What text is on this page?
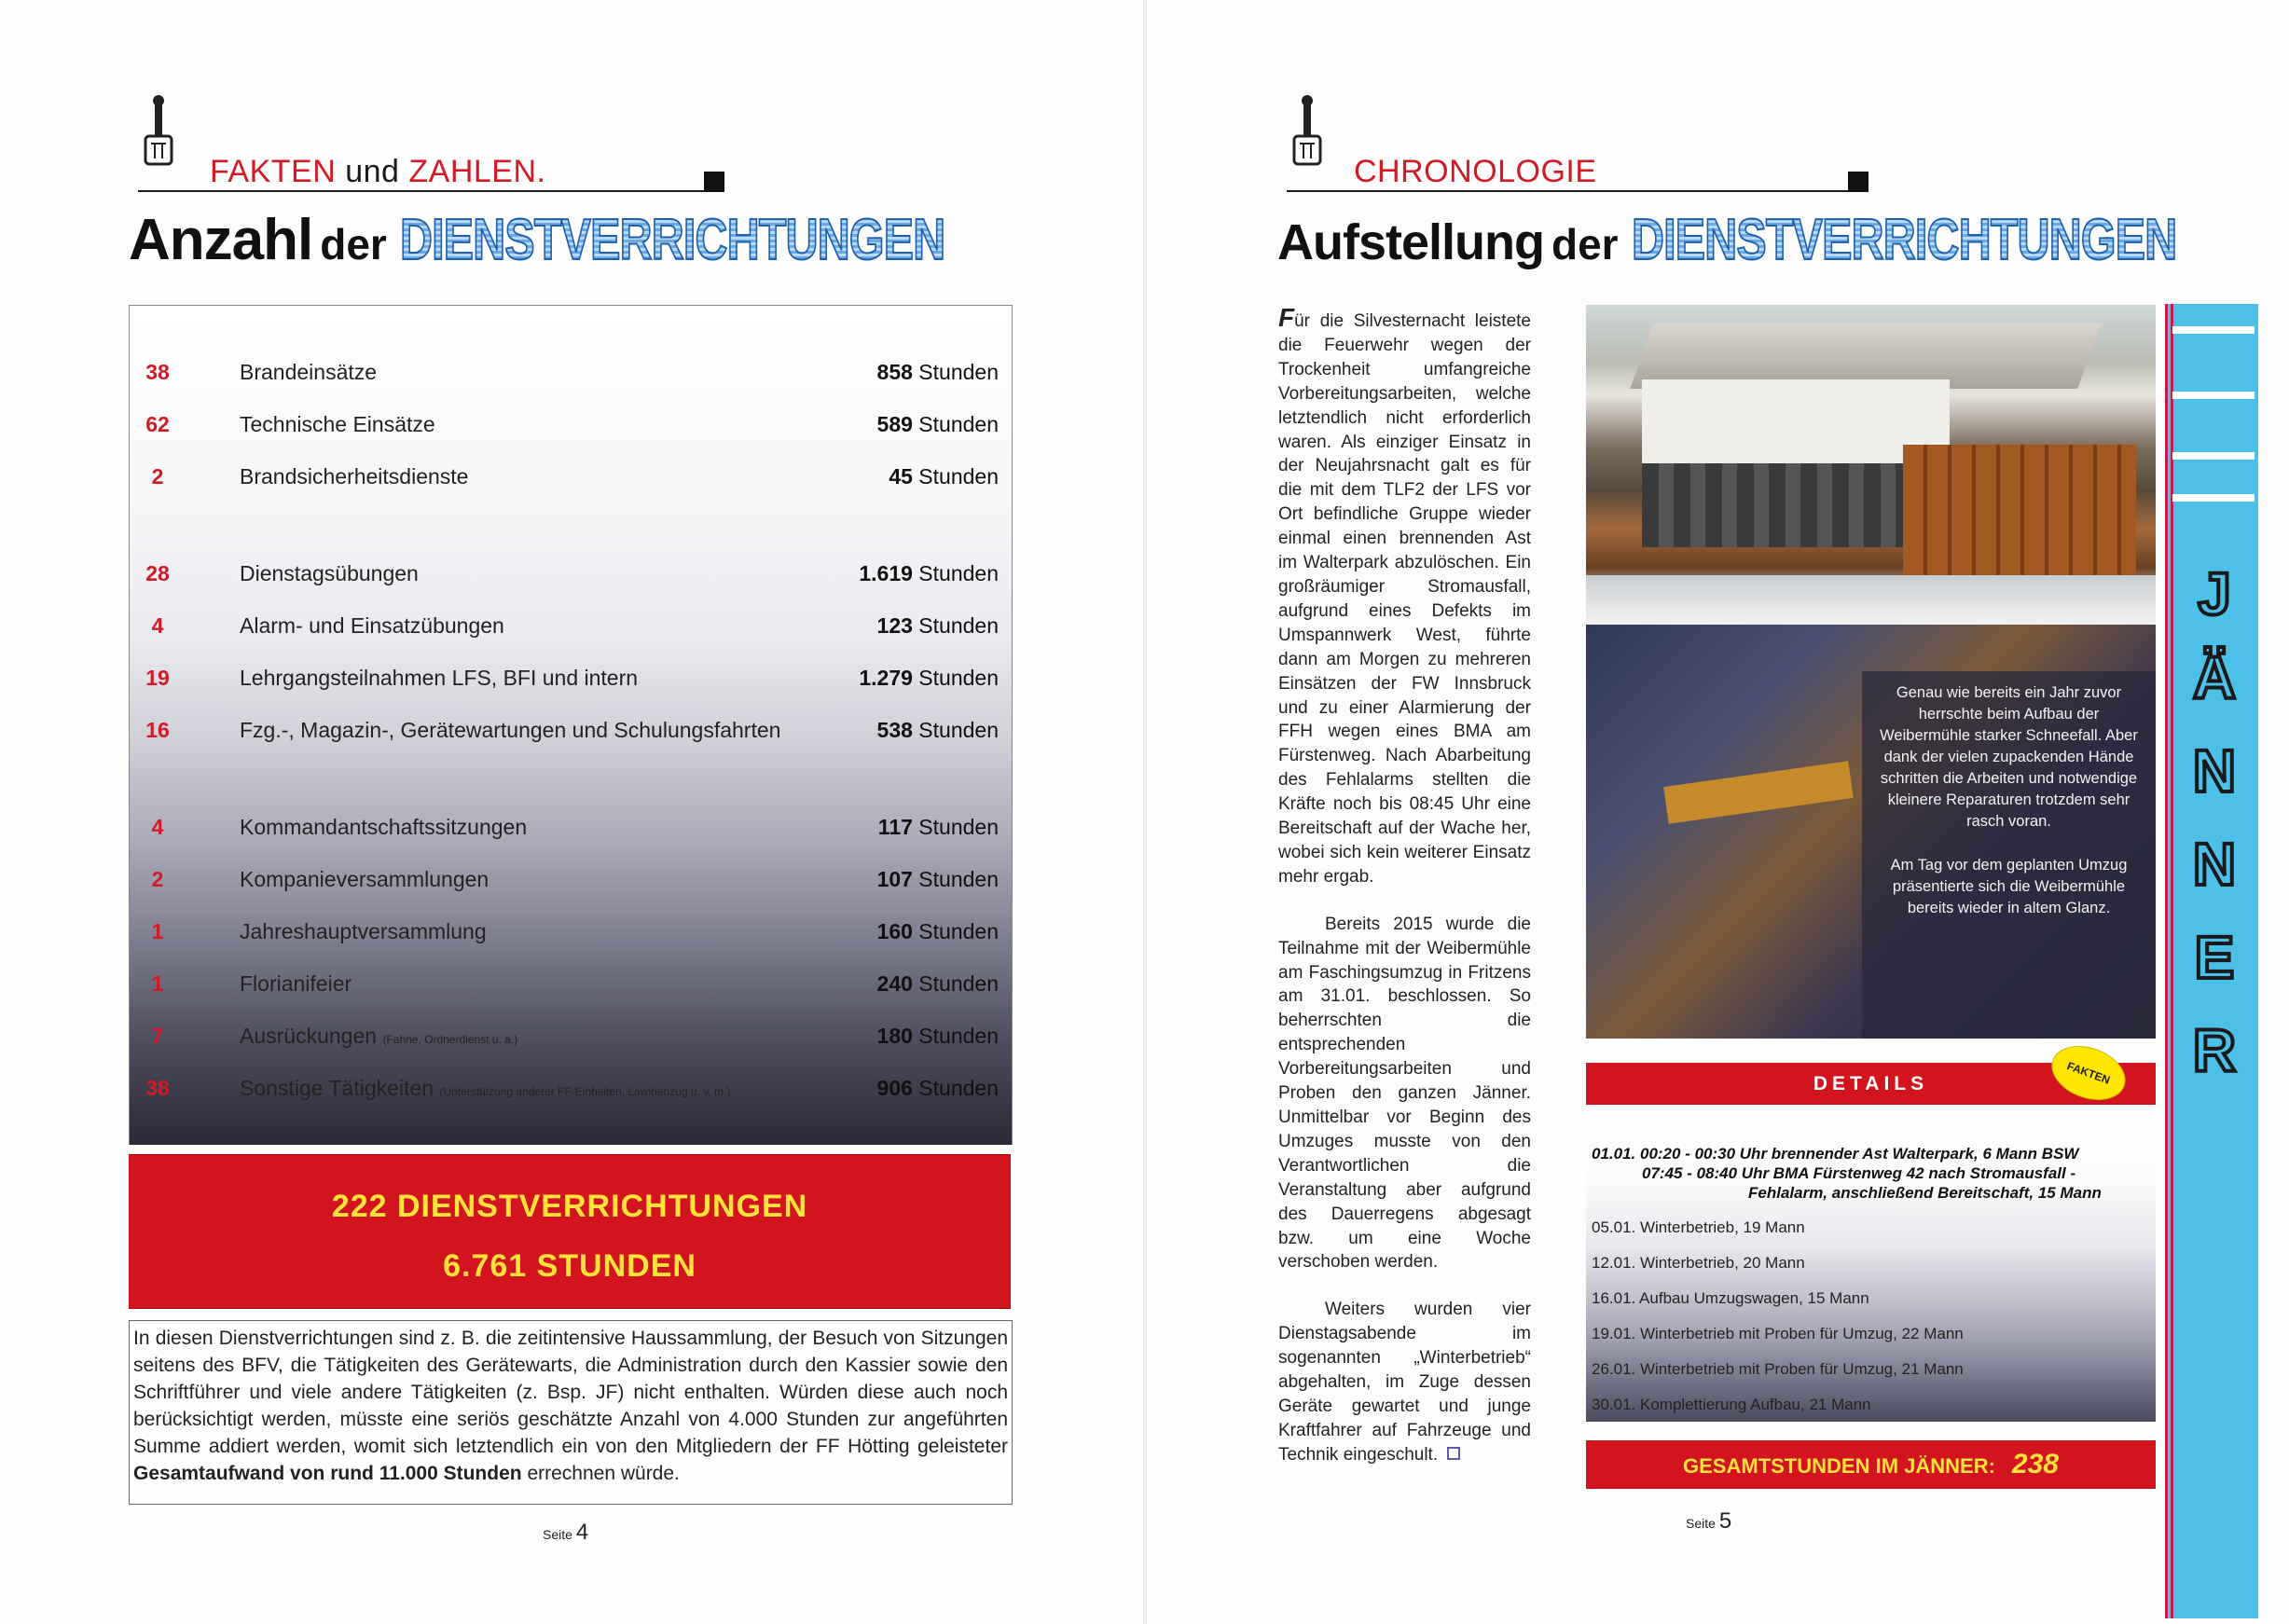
FAKTEN und ZAHLEN.
Anzahl der DIENSTVERRICHTUNGEN
38	Brandeinsätze	858 Stunden
62	Technische Einsätze	589 Stunden
2	Brandsicherheitsdienste	45 Stunden
28	Dienstagsübungen	1.619 Stunden
4	Alarm- und Einsatzübungen	123 Stunden
19	Lehrgangsteilnahmen LFS, BFI und intern	1.279 Stunden
16	Fzg.-, Magazin-, Gerätewartungen und Schulungsfahrten	538 Stunden
4	Kommandantschaftssitzungen	117 Stunden
2	Kompanieversammlungen	107 Stunden
1	Jahreshauptversammlung	160 Stunden
1	Florianifeier	240 Stunden
7	Ausrückungen (Fahne, Ordnerdienst u. a.)	180 Stunden
38	Sonstige Tätigkeiten (Unterstützung anderer FF-Einheiten, Lawinenzug u. v. m.)	906 Stunden
222 DIENSTVERRICHTUNGEN
6.761 STUNDEN
In diesen Dienstverrichtungen sind z. B. die zeitintensive Haussammlung, der Besuch von Sitzungen seitens des BFV, die Tätigkeiten des Gerätewarts, die Administration durch den Kassier sowie den Schriftführer und viele andere Tätigkeiten (z. Bsp. JF) nicht enthalten. Würden diese auch noch berücksichtigt werden, müsste eine seriös geschätzte Anzahl von 4.000 Stunden zur angeführten Summe addiert werden, womit sich letztendlich ein von den Mitgliedern der FF Hötting geleisteter Gesamtaufwand von rund 11.000 Stunden errechnen würde.
Seite 4
CHRONOLOGIE
Aufstellung der DIENSTVERRICHTUNGEN

Für die Silvesternacht leistete die Feuerwehr wegen der Trockenheit umfangreiche Vorbereitungsarbeiten, welche letztendlich nicht erforderlich waren. Als einziger Einsatz in der Neujahrsnacht galt es für die mit dem TLF2 der LFS vor Ort befindliche Gruppe wieder einmal einen brennenden Ast im Walterpark abzulöschen. Ein großräumiger Stromausfall, aufgrund eines Defekts im Umspannwerk West, führte dann am Morgen zu mehreren Einsätzen der FW Innsbruck und zu einer Alarmierung der FFH wegen eines BMA am Fürstenweg. Nach Abarbeitung des Fehlalarms stellten die Kräfte noch bis 08:45 Uhr eine Bereitschaft auf der Wache her, wobei sich kein weiterer Einsatz mehr ergab.

Bereits 2015 wurde die Teilnahme mit der Weibermühle am Faschingsumzug in Fritzens am 31.01. beschlossen. So beherrschten die entsprechenden Vorbereitungsarbeiten und Proben den ganzen Jänner. Unmittelbar vor Beginn des Umzuges musste von den Verantwortlichen die Veranstaltung aber aufgrund des Dauerregens abgesagt bzw. um eine Woche verschoben werden.

Weiters wurden vier Dienstagsabende im sogenannten „Winterbetrieb“ abgehalten, im Zuge dessen Geräte gewartet und junge Kraftfahrer auf Fahrzeuge und Technik eingeschult.

Genau wie bereits ein Jahr zuvor herrschte beim Aufbau der Weibermühle starker Schneefall. Aber dank der vielen zupackenden Hände schritten die Arbeiten und notwendige kleinere Reparaturen trotzdem sehr rasch voran.

Am Tag vor dem geplanten Umzug präsentierte sich die Weibermühle bereits wieder in altem Glanz.

DETAILS	FAKTEN
01.01. 00:20 - 00:30 Uhr brennender Ast Walterpark, 6 Mann BSW
07:45 - 08:40 Uhr BMA Fürstenweg 42 nach Stromausfall -
Fehlalarm, anschließend Bereitschaft, 15 Mann
05.01. Winterbetrieb, 19 Mann
12.01. Winterbetrieb, 20 Mann
16.01. Aufbau Umzugswagen, 15 Mann
19.01. Winterbetrieb mit Proben für Umzug, 22 Mann
26.01. Winterbetrieb mit Proben für Umzug, 21 Mann
30.01. Komplettierung Aufbau, 21 Mann
GESAMTSTUNDEN IM JÄNNER: 238
J
Ä
N
N
E
R
Seite 5
